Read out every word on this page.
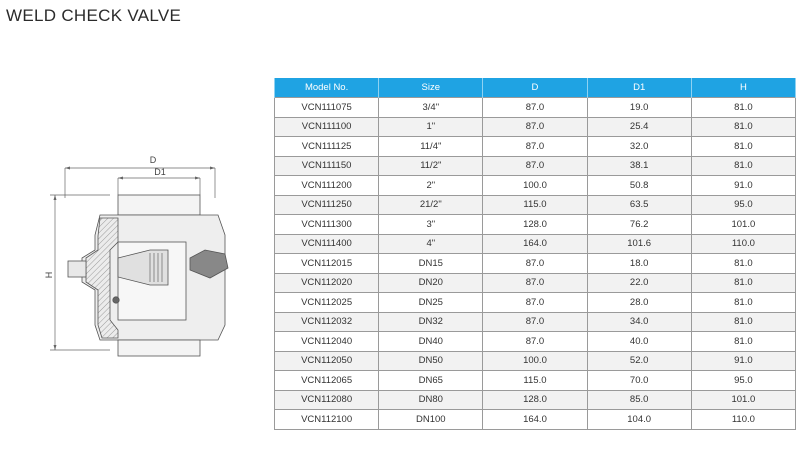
WELD CHECK VALVE
D
D1
H
Model No.	Size	D	D1	H
VCN111075	3/4"	87.0	19.0	81.0
VCN111100	1"	87.0	25.4	81.0
VCN111125	11/4"	87.0	32.0	81.0
VCN111150	11/2"	87.0	38.1	81.0
VCN111200	2"	100.0	50.8	91.0
VCN111250	21/2"	115.0	63.5	95.0
VCN111300	3"	128.0	76.2	101.0
VCN111400	4"	164.0	101.6	110.0
VCN112015	DN15	87.0	18.0	81.0
VCN112020	DN20	87.0	22.0	81.0
VCN112025	DN25	87.0	28.0	81.0
VCN112032	DN32	87.0	34.0	81.0
VCN112040	DN40	87.0	40.0	81.0
VCN112050	DN50	100.0	52.0	91.0
VCN112065	DN65	115.0	70.0	95.0
VCN112080	DN80	128.0	85.0	101.0
VCN112100	DN100	164.0	104.0	110.0
